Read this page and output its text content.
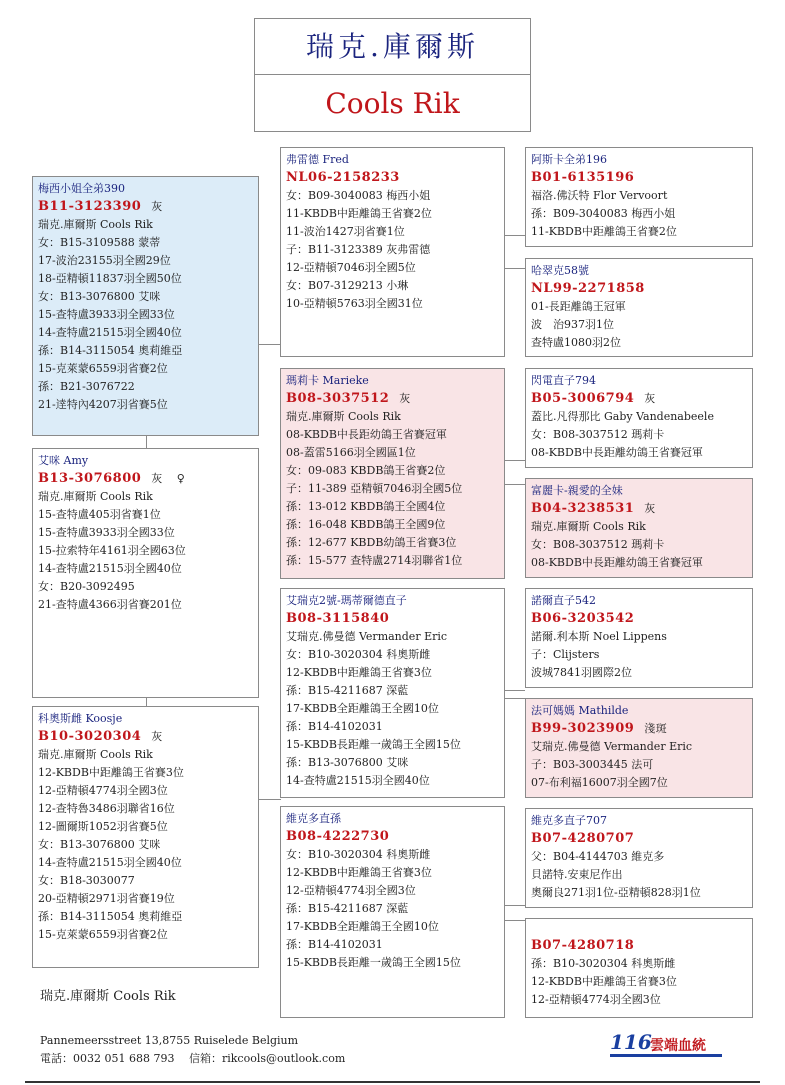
瑞克.庫爾斯
Cools Rik
梅西小姐全弟390
B11-3123390 灰
瑞克.庫爾斯 Cools Rik
女：B15-3109588 蒙蒂
17-波治23155羽全國29位
18-亞精頓11837羽全國50位
女：B13-3076800 艾咪
15-查特盧3933羽全國33位
14-查特盧21515羽全國40位
孫：B14-3115054 奧莉維亞
15-克萊蒙6559羽省賽2位
孫：B21-3076722
21-逹特內4207羽省賽5位
艾咪 Amy
B13-3076800 灰 ♀
瑞克.庫爾斯 Cools Rik
15-查特盧405羽省賽1位
15-查特盧3933羽全國33位
15-拉索特年4161羽全國63位
14-查特盧21515羽全國40位
女：B20-3092495
21-查特盧4366羽省賽201位
科奧斯雌 Koosje
B10-3020304 灰
瑞克.庫爾斯 Cools Rik
12-KBDB中距離鴿王省賽3位
12-亞精頓4774羽全國3位
12-查特魯3486羽聯省16位
12-圖爾斯1052羽省賽5位
女：B13-3076800 艾咪
14-查特盧21515羽全國40位
女：B18-3030077
20-亞精頓2971羽省賽19位
孫：B14-3115054 奧莉維亞
15-克萊蒙6559羽省賽2位
弗雷德 Fred
NL06-2158233
女：B09-3040083 梅西小姐
11-KBDB中距離鴿王省賽2位
11-波治1427羽省賽1位
子：B11-3123389 灰弗雷德
12-亞精頓7046羽全國5位
女：B07-3129213 小琳
10-亞精頓5763羽全國31位
瑪莉卡 Marieke
B08-3037512 灰
瑞克.庫爾斯 Cools Rik
08-KBDB中長距幼鴿王省賽冠軍
08-蓋雷5166羽全國區1位
女：09-083 KBDB鴿王省賽2位
子：11-389 亞精頓7046羽全國5位
孫：13-012 KBDB鴿王全國4位
孫：16-048 KBDB鴿王全國9位
孫：12-677 KBDB幼鴿王省賽3位
孫：15-577 查特盧2714羽聯省1位
艾瑞克2號-瑪蒂爾德直子
B08-3115840
艾瑞克.佛曼德 Vermander Eric
女：B10-3020304 科奧斯雌
12-KBDB中距離鴿王省賽3位
孫：B15-4211687 深藍
17-KBDB全距離鴿王全國10位
孫：B14-4102031
15-KBDB長距離一歲鴿王全國15位
孫：B13-3076800 艾咪
14-查特盧21515羽全國40位
維克多直孫
B08-4222730
女：B10-3020304 科奧斯雌
12-KBDB中距離鴿王省賽3位
12-亞精頓4774羽全國3位
孫：B15-4211687 深藍
17-KBDB全距離鴿王全國10位
孫：B14-4102031
15-KBDB長距離一歲鴿王全國15位
阿斯卡全弟196
B01-6135196
福洛.佛沃特 Flor Vervoort
孫：B09-3040083 梅西小姐
11-KBDB中距離鴿王省賽2位
哈翠克58號
NL99-2271858
01-長距離鴿王冠軍
波　治937羽1位
查特盧1080羽2位
閃電直子794
B05-3006794 灰
蓋比.凡得那比 Gaby Vandenabeele
女：B08-3037512 瑪莉卡
08-KBDB中長距離幼鴿王省賽冠軍
富麗卡-親愛的全妹
B04-3238531 灰
瑞克.庫爾斯 Cools Rik
女：B08-3037512 瑪莉卡
08-KBDB中長距離幼鴿王省賽冠軍
諾爾直子542
B06-3203542
諾爾.利本斯 Noel Lippens
子：Clijsters
波城7841羽國際2位
法可媽媽 Mathilde
B99-3023909 淺斑
艾瑞克.佛曼德 Vermander Eric
子：B03-3003445 法可
07-布利福16007羽全國7位
維克多直子707
B07-4280707
父：B04-4144703 維克多
貝諾特.安東尼作出
奧爾良271羽1位-亞精頓828羽1位
B07-4280718
孫：B10-3020304 科奧斯雌
12-KBDB中距離鴿王省賽3位
12-亞精頓4774羽全國3位
瑞克.庫爾斯 Cools Rik
Pannemeersstreet 13,8755 Ruiselede Belgium
電話：0032 051 688 793　 信箱：rikcools@outlook.com
116
雲端血統
